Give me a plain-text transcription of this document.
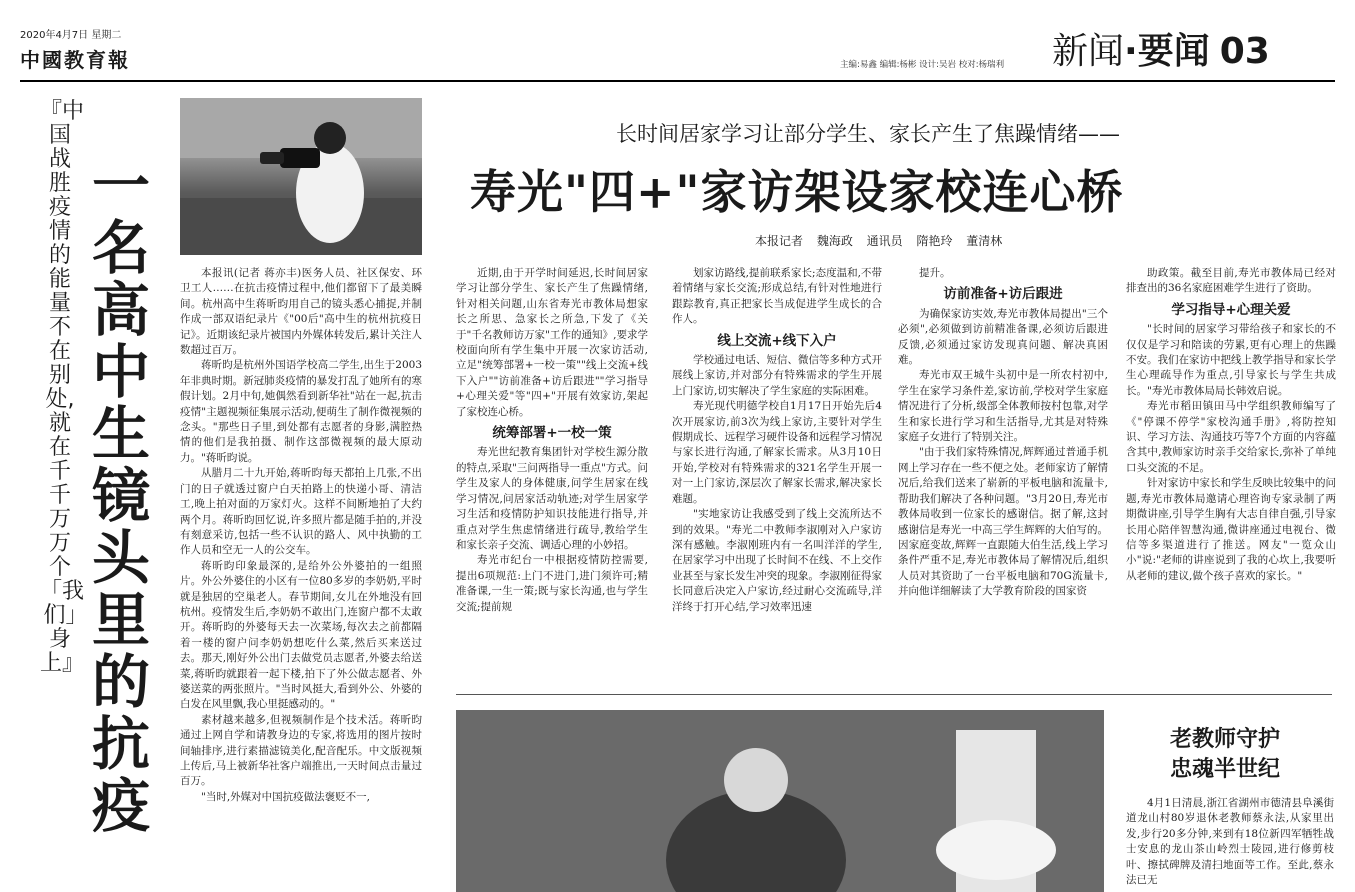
2020年4月7日 星期二
中國教育報	主编:易鑫 编辑:杨彬 设计:吴岩 校对:杨瑞利 新闻·要闻 03
『中国战胜疫情的能量不在别处,就在千千万万个「我们」身上』
一名高中生镜头里的抗疫

本报讯(记者 蒋亦丰)医务人员、社区保安、环卫工人……在抗击疫情过程中,他们都留下了最美瞬间。杭州高中生蒋昕昀用自己的镜头悉心捕捉,并制作成一部双语纪录片《"00后"高中生的杭州抗疫日记》。近期该纪录片被国内外媒体转发后,累计关注人数超过百万。

蒋昕昀是杭州外国语学校高二学生,出生于2003年非典时期。新冠肺炎疫情的暴发打乱了她所有的寒假计划。2月中旬,她偶然看到新华社"站在一起,抗击疫情"主题视频征集展示活动,便萌生了制作微视频的念头。"那些日子里,到处都有志愿者的身影,满腔热情的他们是我拍摄、制作这部微视频的最大原动力。"蒋昕昀说。

从腊月二十九开始,蒋昕昀每天都拍上几张,不出门的日子就透过窗户白天拍路上的快递小哥、清洁工,晚上拍对面的万家灯火。这样不间断地拍了大约两个月。蒋昕昀回忆说,许多照片都是随手拍的,并没有刻意采访,包括一些不认识的路人、风中执勤的工作人员和空无一人的公交车。

蒋昕昀印象最深的,是给外公外婆拍的一组照片。外公外婆住的小区有一位80多岁的李奶奶,平时就是独居的空巢老人。春节期间,女儿在外地没有回杭州。疫情发生后,李奶奶不敢出门,连窗户都不太敢开。蒋昕昀的外婆每天去一次菜场,每次去之前都隔着一楼的窗户问李奶奶想吃什么菜,然后买来送过去。那天,刚好外公出门去做党员志愿者,外婆去给送菜,蒋昕昀就跟着一起下楼,拍下了外公做志愿者、外婆送菜的两张照片。"当时风挺大,看到外公、外婆的白发在风里飘,我心里挺感动的。"

素材越来越多,但视频制作是个技术活。蒋昕昀通过上网自学和请教身边的专家,将选用的图片按时间轴排序,进行素描滤镜美化,配音配乐。中文版视频上传后,马上被新华社客户端推出,一天时间点击量过百万。

"当时,外媒对中国抗疫做法褒贬不一,

长时间居家学习让部分学生、家长产生了焦躁情绪——
寿光"四+"家访架设家校连心桥
本报记者 魏海政 通讯员 隋艳玲 董清林

近期,由于开学时间延迟,长时间居家学习让部分学生、家长产生了焦躁情绪,针对相关问题,山东省寿光市教体局想家长之所思、急家长之所急,下发了《关于"千名教师访万家"工作的通知》,要求学校面向所有学生集中开展一次家访活动,立足"统筹部署+一校一策""线上交流+线下入户""访前准备+访后跟进""学习指导+心理关爱"等"四+"开展有效家访,架起了家校连心桥。

统筹部署+一校一策

寿光世纪教育集团针对学校生源分散的特点,采取"三问两指导一重点"方式。问学生及家人的身体健康,问学生居家在线学习情况,问居家活动轨迹;对学生居家学习生活和疫情防护知识技能进行指导,并重点对学生焦虑情绪进行疏导,教给学生和家长亲子交流、调适心理的小妙招。

寿光市纪台一中根据疫情防控需要,提出6项规范:上门不进门,进门须许可;精准备课,一生一策;既与家长沟通,也与学生交流;提前规

划家访路线,提前联系家长;态度温和,不带着情绪与家长交流;形成总结,有针对性地进行跟踪教育,真正把家长当成促进学生成长的合作人。

线上交流+线下入户

学校通过电话、短信、微信等多种方式开展线上家访,并对部分有特殊需求的学生开展上门家访,切实解决了学生家庭的实际困难。

寿光现代明德学校自1月17日开始先后4次开展家访,前3次为线上家访,主要针对学生假期成长、远程学习硬件设备和远程学习情况与家长进行沟通,了解家长需求。从3月10日开始,学校对有特殊需求的321名学生开展一对一上门家访,深层次了解家长需求,解决家长难题。

"实地家访让我感受到了线上交流所达不到的效果。"寿光二中教师李淑刚对入户家访深有感触。李淑刚班内有一名叫洋洋的学生,在居家学习中出现了长时间不在线、不上交作业甚至与家长发生冲突的现象。李淑刚征得家长同意后决定入户家访,经过耐心交流疏导,洋洋终于打开心结,学习效率迅速

提升。

访前准备+访后跟进

为确保家访实效,寿光市教体局提出"三个必须",必须做到访前精准备课,必须访后跟进反馈,必须通过家访发现真问题、解决真困难。

寿光市双王城牛头初中是一所农村初中,学生在家学习条件差,家访前,学校对学生家庭情况进行了分析,级部全体教师按村包靠,对学生和家长进行学习和生活指导,尤其是对特殊家庭子女进行了特别关注。

"由于我们家特殊情况,辉辉通过普通手机网上学习存在一些不便之处。老师家访了解情况后,给我们送来了崭新的平板电脑和流量卡,帮助我们解决了各种问题。"3月20日,寿光市教体局收到一位家长的感谢信。据了解,这封感谢信是寿光一中高三学生辉辉的大伯写的。因家庭变故,辉辉一直跟随大伯生活,线上学习条件严重不足,寿光市教体局了解情况后,组织人员对其资助了一台平板电脑和70G流量卡,并向他详细解读了大学教育阶段的国家资

助政策。截至目前,寿光市教体局已经对排查出的36名家庭困难学生进行了资助。

学习指导+心理关爱

"长时间的居家学习带给孩子和家长的不仅仅是学习和陪读的劳累,更有心理上的焦躁不安。我们在家访中把线上教学指导和家长学生心理疏导作为重点,引导家长与学生共成长。"寿光市教体局局长韩效启说。

寿光市稻田镇田马中学组织教师编写了《"停课不停学"家校沟通手册》,将防控知识、学习方法、沟通技巧等7个方面的内容蕴含其中,教师家访时亲手交给家长,弥补了单纯口头交流的不足。

针对家访中家长和学生反映比较集中的问题,寿光市教体局邀请心理咨询专家录制了两期微讲座,引导学生胸有大志自律自强,引导家长用心陪伴智慧沟通,微讲座通过电视台、微信等多渠道进行了推送。网友"一览众山小"说:"老师的讲座说到了我的心坎上,我要听从老师的建议,做个孩子喜欢的家长。"

老教师守护
忠魂半世纪

4月1日清晨,浙江省湖州市德清县阜溪街道龙山村80岁退休老教师蔡永法,从家里出发,步行20多分钟,来到有18位新四军牺牲战士安息的龙山茶山岭烈士陵园,进行修剪枝叶、擦拭碑牌及清扫地面等工作。至此,蔡永法已无
